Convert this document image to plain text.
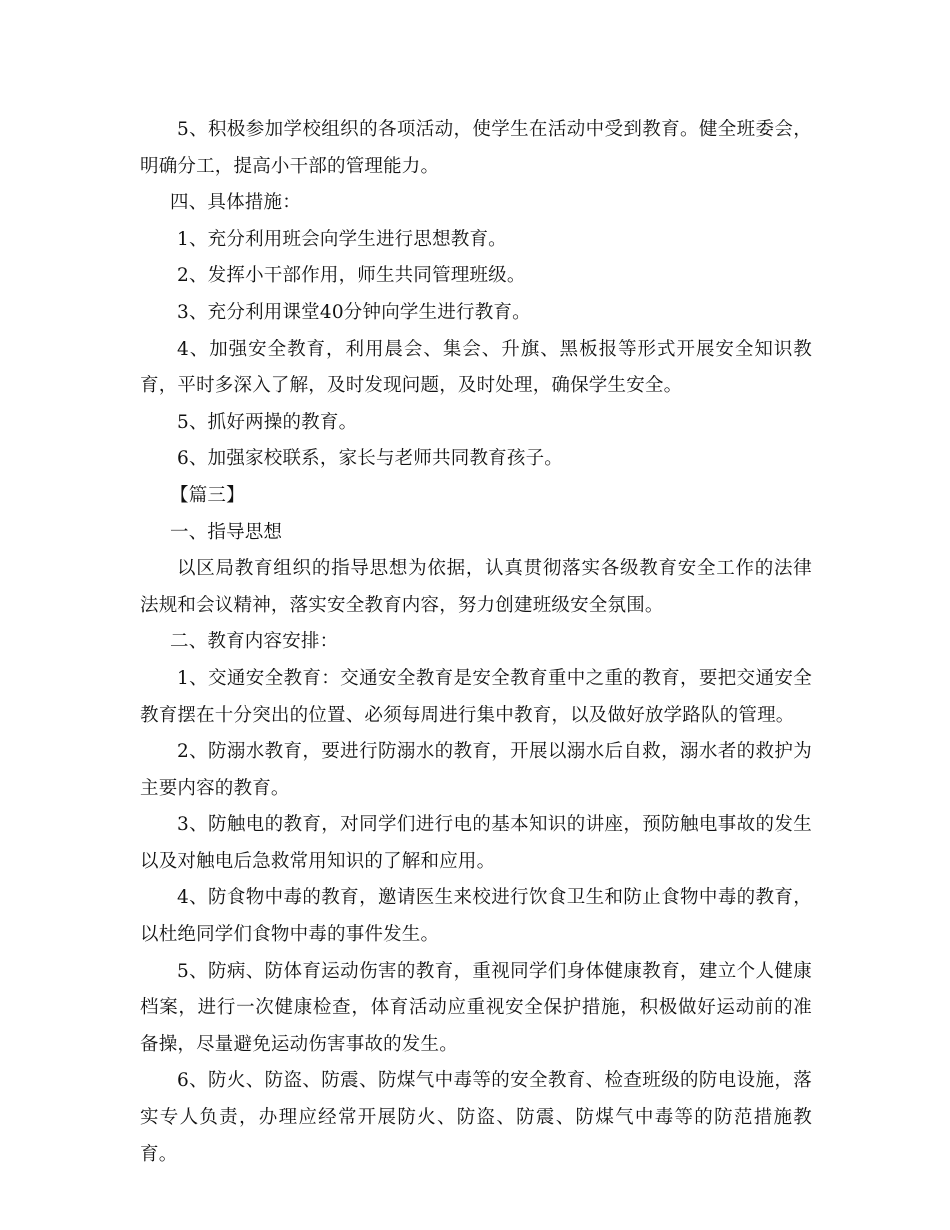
5、积极参加学校组织的各项活动，使学生在活动中受到教育。健全班委会，明确分工，提高小干部的管理能力。

四、具体措施：

1、充分利用班会向学生进行思想教育。

2、发挥小干部作用，师生共同管理班级。

3、充分利用课堂40分钟向学生进行教育。

4、加强安全教育，利用晨会、集会、升旗、黑板报等形式开展安全知识教育，平时多深入了解，及时发现问题，及时处理，确保学生安全。

5、抓好两操的教育。

6、加强家校联系，家长与老师共同教育孩子。

【篇三】

一、指导思想

以区局教育组织的指导思想为依据，认真贯彻落实各级教育安全工作的法律法规和会议精神，落实安全教育内容，努力创建班级安全氛围。

二、教育内容安排：

1、交通安全教育：交通安全教育是安全教育重中之重的教育，要把交通安全教育摆在十分突出的位置、必须每周进行集中教育，以及做好放学路队的管理。

2、防溺水教育，要进行防溺水的教育，开展以溺水后自救，溺水者的救护为主要内容的教育。

3、防触电的教育，对同学们进行电的基本知识的讲座，预防触电事故的发生以及对触电后急救常用知识的了解和应用。

4、防食物中毒的教育，邀请医生来校进行饮食卫生和防止食物中毒的教育，以杜绝同学们食物中毒的事件发生。

5、防病、防体育运动伤害的教育，重视同学们身体健康教育，建立个人健康档案，进行一次健康检查，体育活动应重视安全保护措施，积极做好运动前的准备操，尽量避免运动伤害事故的发生。

6、防火、防盗、防震、防煤气中毒等的安全教育、检查班级的防电设施，落实专人负责，办理应经常开展防火、防盗、防震、防煤气中毒等的防范措施教育。
